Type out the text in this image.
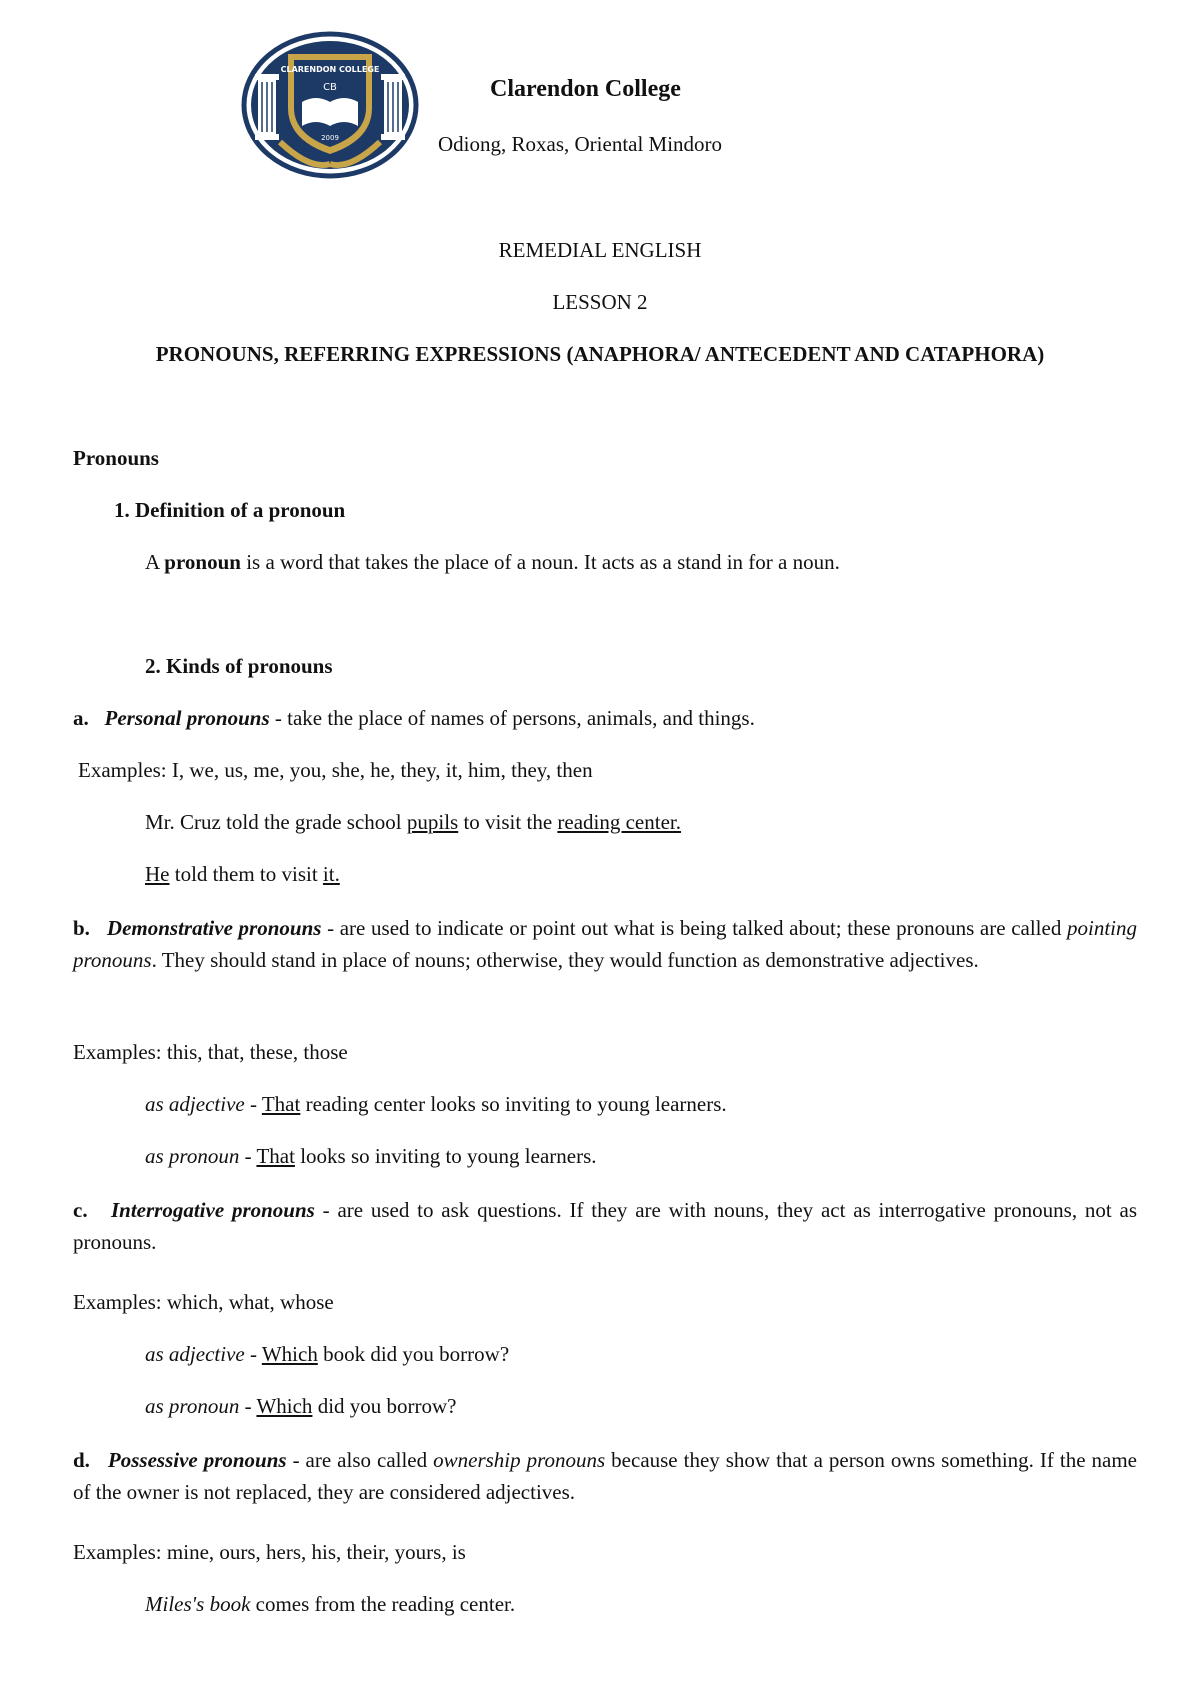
CLARENDON COLLEGE
CB
2009
Clarendon College
Odiong, Roxas, Oriental Mindoro
REMEDIAL ENGLISH
LESSON 2
PRONOUNS, REFERRING EXPRESSIONS (ANAPHORA/ ANTECEDENT AND CATAPHORA)
Pronouns
1. Definition of a pronoun
A pronoun is a word that takes the place of a noun. It acts as a stand in for a noun.
2. Kinds of pronouns
a. Personal pronouns - take the place of names of persons, animals, and things.
Examples: I, we, us, me, you, she, he, they, it, him, they, then
Mr. Cruz told the grade school pupils to visit the reading center.
He told them to visit it.
b. Demonstrative pronouns - are used to indicate or point out what is being talked about; these pronouns are called pointing pronouns. They should stand in place of nouns; otherwise, they would function as demonstrative adjectives.
Examples: this, that, these, those
as adjective - That reading center looks so inviting to young learners.
as pronoun - That looks so inviting to young learners.
c. Interrogative pronouns - are used to ask questions. If they are with nouns, they act as interrogative pronouns, not as pronouns.
Examples: which, what, whose
as adjective - Which book did you borrow?
as pronoun - Which did you borrow?
d. Possessive pronouns - are also called ownership pronouns because they show that a person owns something. If the name of the owner is not replaced, they are considered adjectives.
Examples: mine, ours, hers, his, their, yours, is
Miles's book comes from the reading center.
